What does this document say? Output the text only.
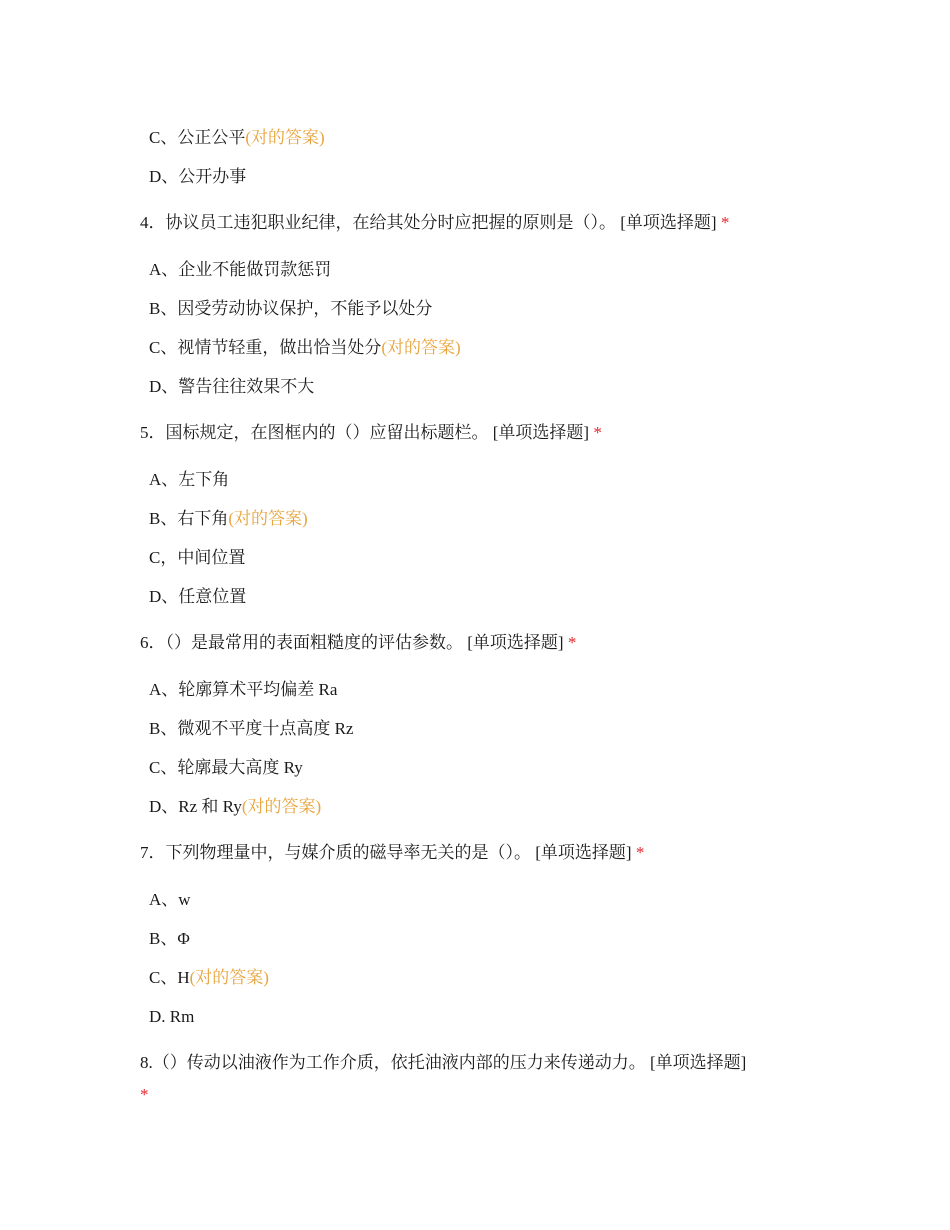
C、公正公平(对的答案)
D、公开办事
4．协议员工违犯职业纪律，在给其处分时应把握的原则是（）。 [单项选择题] *
A、企业不能做罚款惩罚
B、因受劳动协议保护，不能予以处分
C、视情节轻重，做出恰当处分(对的答案)
D、警告往往效果不大
5．国标规定，在图框内的（）应留出标题栏。 [单项选择题] *
A、左下角
B、右下角(对的答案)
C，中间位置
D、任意位置
6．（）是最常用的表面粗糙度的评估参数。 [单项选择题] *
A、轮廓算术平均偏差 Ra
B、微观不平度十点高度 Rz
C、轮廓最大高度 Ry
D、Rz 和 Ry(对的答案)
7．下列物理量中，与媒介质的磁导率无关的是（）。 [单项选择题] *
A、w
B、Φ
C、H(对的答案)
D. Rm
8.（）传动以油液作为工作介质，依托油液内部的压力来传递动力。 [单项选择题]
*
